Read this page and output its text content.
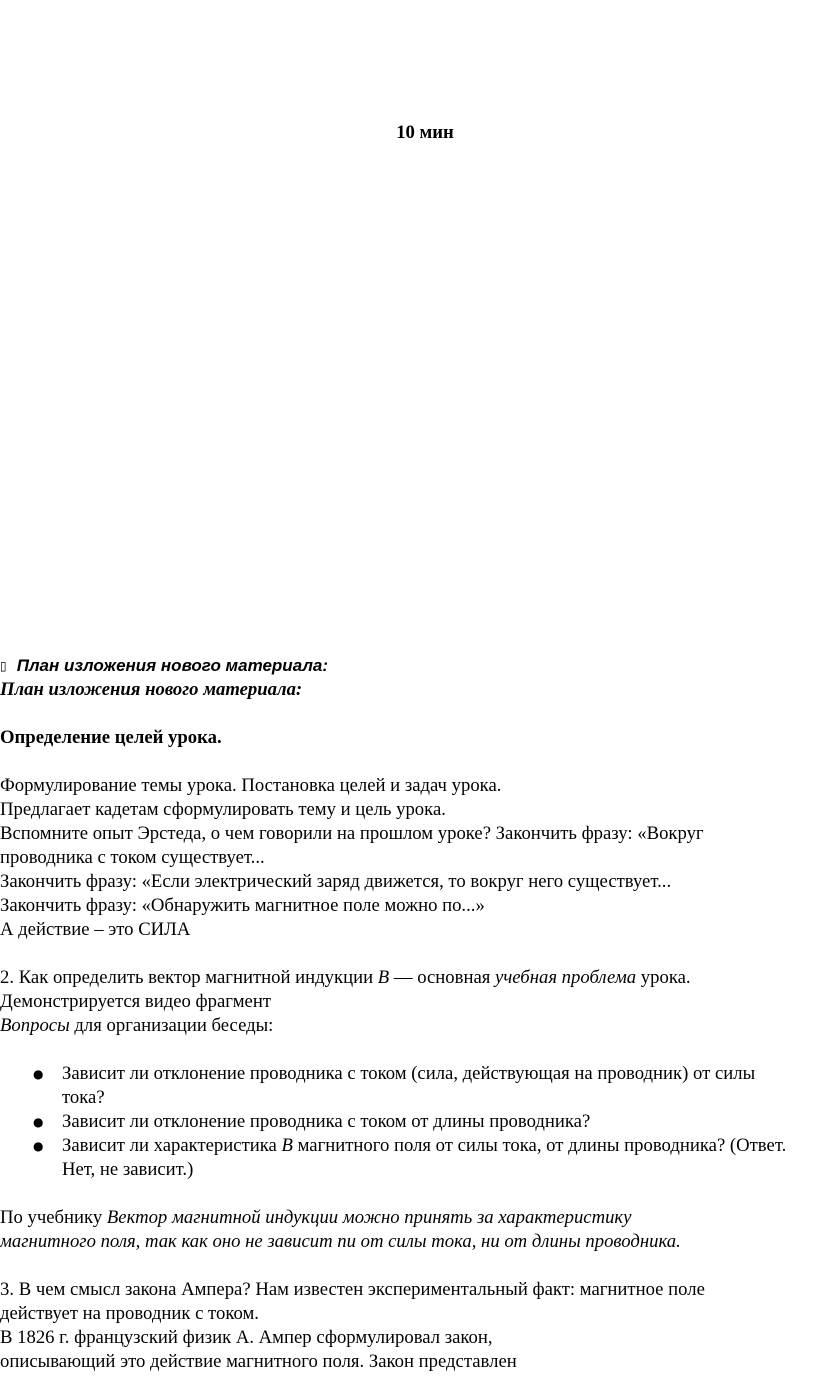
10 мин

▯ План изложения нового материала:

План изложения нового материала:

Определение целей урока.

Формулирование темы урока. Постановка целей и задач урока.

Предлагает кадетам сформулировать тему и цель урока.

Вспомните опыт Эрстеда, о чем говорили на прошлом уроке? Закончить фразу: «Вокруг

проводника с током существует...

Закончить фразу: «Если электрический заряд движется, то вокруг него существует...

Закончить фразу: «Обнаружить магнитное поле можно по...»

А действие – это СИЛА

2. Как определить вектор магнитной индукции B — основная учебная проблема урока.

Демонстрируется видео фрагмент

Вопросы для организации беседы:

● Зависит ли отклонение проводника с током (сила, действующая на проводник) от силы тока?
● Зависит ли отклонение проводника с током от длины проводника?
● Зависит ли характеристика B магнитного поля от силы тока, от длины проводника? (Ответ. Нет, не зависит.)

По учебнику Вектор магнитной индукции можно принять за характеристику

магнитного поля, так как оно не зависит пи от силы тока, ни от длины проводника.

3. В чем смысл закона Ампера? Нам известен экспериментальный факт: магнитное поле

действует на проводник с током.

В 1826 г. французский физик А. Ампер сформулировал закон,

описывающий это действие магнитного поля. Закон представлен
